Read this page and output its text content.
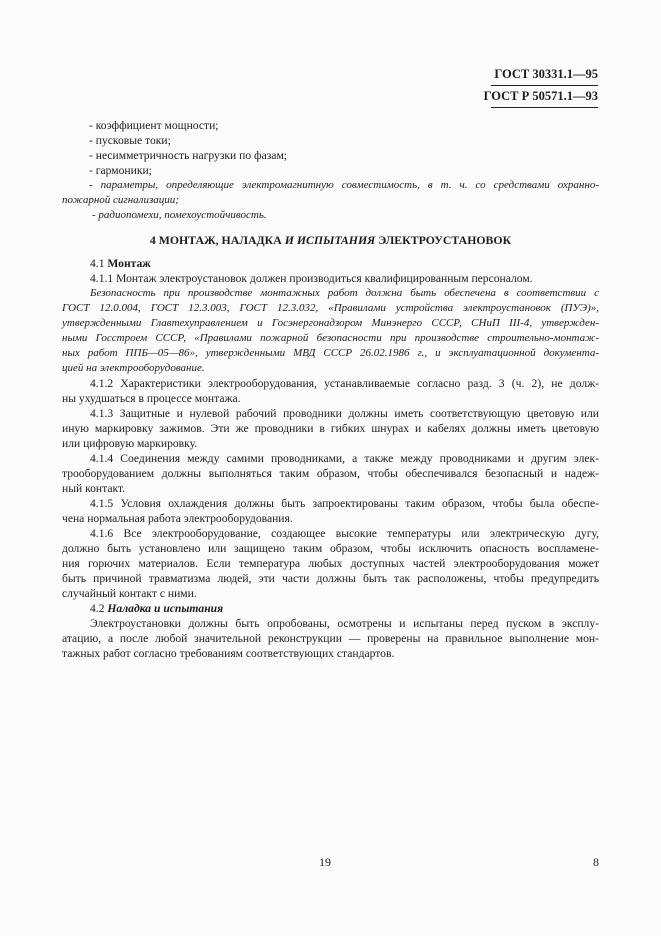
ГОСТ 30331.1—95
ГОСТ Р 50571.1—93
- коэффициент мощности;
- пусковые токи;
- несимметричность нагрузки по фазам;
- гармоники;
- параметры, определяющие электромагнитную совместимость, в т. ч. со средствами охранно-
пожарной сигнализации;
- радиопомехи, помехоустойчивость.
4 МОНТАЖ, НАЛАДКА И ИСПЫТАНИЯ ЭЛЕКТРОУСТАНОВОК
4.1 Монтаж
4.1.1 Монтаж электроустановок должен производиться квалифицированным персоналом.
Безопасность при производстве монтажных работ должна быть обеспечена в соответствии с
ГОСТ 12.0.004, ГОСТ 12.3.003, ГОСТ 12.3.032, «Правилами устройства электроустановок (ПУЭ)»,
утвержденными Главтехуправлением и Госэнергонадзором Минэнерго СССР, СНиП III-4, утвержден-
ными Госстроем СССР, «Правилами пожарной безопасности при производстве строительно-монтаж-
ных работ ППБ—05—86», утвержденными МВД СССР 26.02.1986 г., и эксплуатационной документа-
цией на электрооборудование.
4.1.2 Характеристики электрооборудования, устанавливаемые согласно разд. 3 (ч. 2), не долж-
ны ухудшаться в процессе монтажа.
4.1.3 Защитные и нулевой рабочий проводники должны иметь соответствующую цветовую или
иную маркировку зажимов. Эти же проводники в гибких шнурах и кабелях должны иметь цветовую
или цифровую маркировку.
4.1.4 Соединения между самими проводниками, а также между проводниками и другим элек-
трооборудованием должны выполняться таким образом, чтобы обеспечивался безопасный и надеж-
ный контакт.
4.1.5 Условия охлаждения должны быть запроектированы таким образом, чтобы была обеспе-
чена нормальная работа электрооборудования.
4.1.6 Все электрооборудование, создающее высокие температуры или электрическую дугу,
должно быть установлено или защищено таким образом, чтобы исключить опасность воспламене-
ния горючих материалов. Если температура любых доступных частей электрооборудования может
быть причиной травматизма людей, эти части должны быть так расположены, чтобы предупредить
случайный контакт с ними.
4.2 Наладка и испытания
Электроустановки должны быть опробованы, осмотрены и испытаны перед пуском в эксплу-
атацию, а после любой значительной реконструкции — проверены на правильное выполнение мон-
тажных работ согласно требованиям соответствующих стандартов.
19	8
